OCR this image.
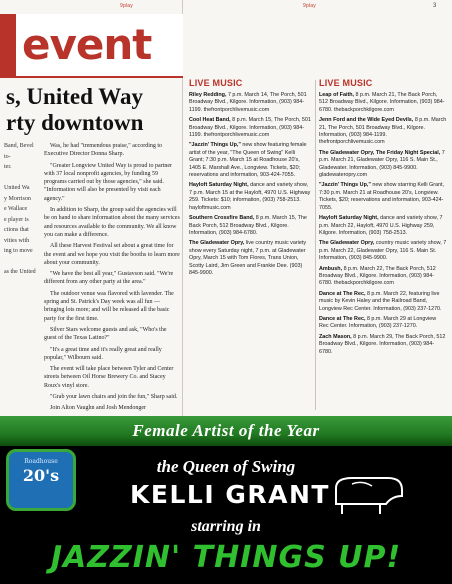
9play
event
s, United Way
rty downtown

Band, Bevel

to-

ter.

United Wa

y Morrison

e Wallace

e player is

ctions that

vities with

ing to move

as the United

Was, he had "tremendous praise," according to Executive Director Donna Sharp.

"Greater Longview United Way is proud to partner with 37 local nonprofit agencies, by funding 59 programs carried out by those agencies," she said. "Information will also be presented by visit each agency."

In addition to Sharp, the group said the agencies will be on hand to share information about the many services and resources available to the community. We all know you can make a difference.

All these Harvest Festival set about a great time for the event and we hope you visit the booths to learn more about your community.

"We have the best all year," Gustavson said. "We're different from any other party at the area."

The outdoor venue was flavored with lavender. The spring and St. Patrick's Day week was all fun — bringing lots more; and will be released all the basic party for the first time.

Silver Stars welcome guests and ask, "Who's the guest of the Texas Latino?"

"It's a great time and it's really great and really popular," Wilbourn said.

The event will take place between Tyler and Center streets between Oil Horse Brewery Co. and Stacey Roux's vinyl store.

"Grab your lawn chairs and join the fun," Sharp said.

Join Alton Vaughn and Josh Mendonger

9play	3
LIVE MUSIC
Riley Redding, 7 p.m. March 14, The Porch, 501 Broadway Blvd., Kilgore. Information, (903) 984-1199. thefrontporchlivemusic.com
Cool Heat Band, 8 p.m. March 15, The Porch, 501 Broadway Blvd., Kilgore. Information, (903) 984-1199. thefrontporchlivemusic.com
"Jazzin' Things Up," new show featuring female artist of the year, "The Queen of Swing" Kelli Grant; 7:30 p.m. March 15 at Roadhouse 20's, 1405 E. Marshall Ave., Longview. Tickets, $20; reservations and information, 903-424-7055.
Hayloft Saturday Night, dance and variety show, 7 p.m. March 15 at the Hayloft, 4970 U.S. Highway 259. Tickets: $10; information, (903) 758-2513. hayloftmusic.com
Southern Crossfire Band, 8 p.m. March 15, The Back Porch, 512 Broadway Blvd., Kilgore. Information, (903) 984-6780.
The Gladewater Opry, live country music variety show every Saturday night, 7 p.m. at Gladewater Opry, March 15 with Tom Flores, Trans Union, Scotty Laird, Jim Green and Frankie Dee. (903) 845-9900.
LIVE MUSIC
Leap of Faith, 8 p.m. March 21, The Back Porch, 512 Broadway Blvd., Kilgore. Information, (903) 984-6780. thebackporchkilgore.com
Jenn Ford and the Wide Eyed Devils, 8 p.m. March 21, The Porch, 501 Broadway Blvd., Kilgore. Information, (903) 984-1199. thefrontporchlivemusic.com
The Gladewater Opry, The Friday Night Special, 7 p.m. March 21, Gladewater Opry, 116 S. Main St., Gladewater. Information, (903) 845-9900. gladewateropry.com
"Jazzin' Things Up," new show starring Kelli Grant, 7:30 p.m. March 21 at Roadhouse 20's, Longview. Tickets, $20; reservations and information, 903-424-7055.
Hayloft Saturday Night, dance and variety show, 7 p.m. March 22, Hayloft, 4970 U.S. Highway 259, Kilgore. Information, (903) 758-2513.
The Gladewater Opry, country music variety show, 7 p.m. March 22, Gladewater Opry, 116 S. Main St. Information, (903) 845-9900.
Ambush, 8 p.m. March 22, The Back Porch, 512 Broadway Blvd., Kilgore. Information, (903) 984-6780. thebackporchkilgore.com
Dance at The Rec, 8 p.m. March 22, featuring live music by Kevin Haley and the Railroad Band, Longview Rec Center. Information, (903) 237-1270.
Dance at The Rec, 8 p.m. March 29 at Longview Rec Center. Information, (903) 237-1270.
Zach Mason, 8 p.m. March 29, The Back Porch, 512 Broadway Blvd., Kilgore. Information, (903) 984-6780.
Female Artist of the Year
Roadhouse
20's	the Queen of Swing
KELLI GRANT
starring in
JAZZIN' THINGS UP!
